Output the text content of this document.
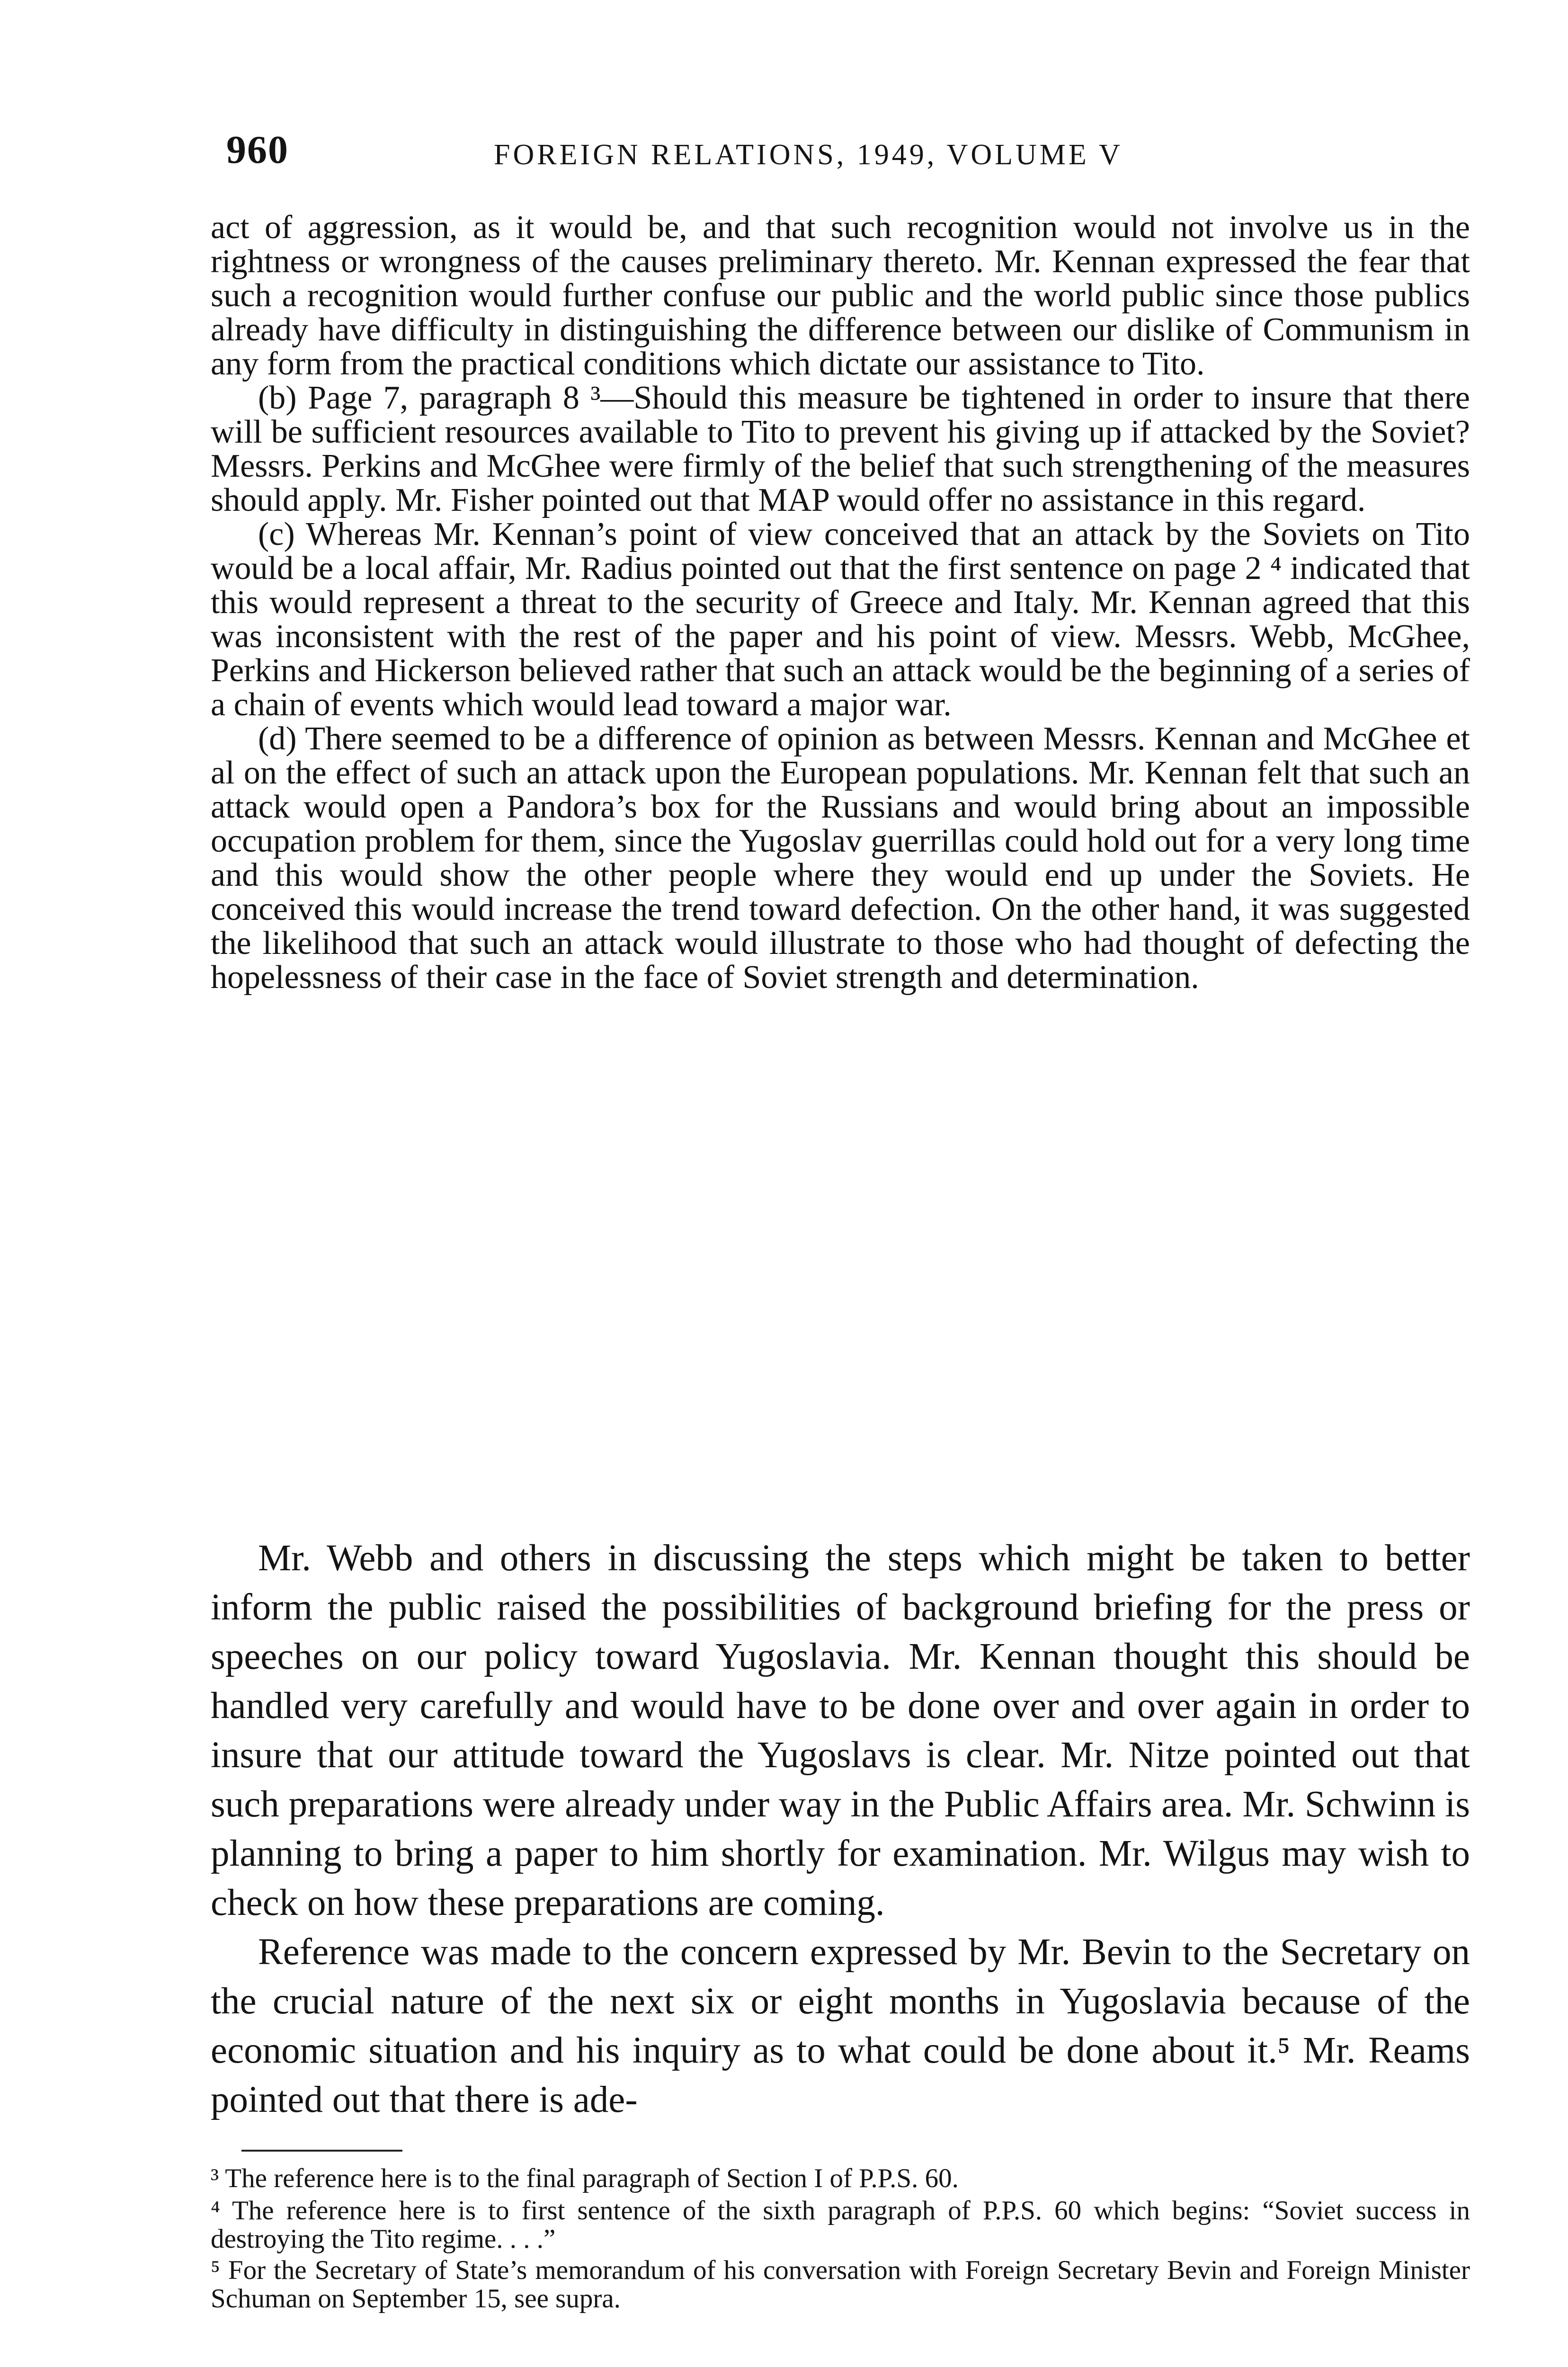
960	FOREIGN RELATIONS, 1949, VOLUME V

act of aggression, as it would be, and that such recognition would not involve us in the rightness or wrongness of the causes preliminary thereto. Mr. Kennan expressed the fear that such a recognition would further confuse our public and the world public since those publics already have difficulty in distinguishing the difference between our dislike of Communism in any form from the practical conditions which dictate our assistance to Tito.

(b) Page 7, paragraph 8 ³—Should this measure be tightened in order to insure that there will be sufficient resources available to Tito to prevent his giving up if attacked by the Soviet? Messrs. Perkins and McGhee were firmly of the belief that such strengthening of the measures should apply. Mr. Fisher pointed out that MAP would offer no assistance in this regard.

(c) Whereas Mr. Kennan’s point of view conceived that an attack by the Soviets on Tito would be a local affair, Mr. Radius pointed out that the first sentence on page 2 ⁴ indicated that this would represent a threat to the security of Greece and Italy. Mr. Kennan agreed that this was inconsistent with the rest of the paper and his point of view. Messrs. Webb, McGhee, Perkins and Hickerson believed rather that such an attack would be the beginning of a series of a chain of events which would lead toward a major war.

(d) There seemed to be a difference of opinion as between Messrs. Kennan and McGhee et al on the effect of such an attack upon the European populations. Mr. Kennan felt that such an attack would open a Pandora’s box for the Russians and would bring about an impossible occupation problem for them, since the Yugoslav guerrillas could hold out for a very long time and this would show the other people where they would end up under the Soviets. He conceived this would increase the trend toward defection. On the other hand, it was suggested the likelihood that such an attack would illustrate to those who had thought of defecting the hopelessness of their case in the face of Soviet strength and determination.

Mr. Webb and others in discussing the steps which might be taken to better inform the public raised the possibilities of background briefing for the press or speeches on our policy toward Yugoslavia. Mr. Kennan thought this should be handled very carefully and would have to be done over and over again in order to insure that our attitude toward the Yugoslavs is clear. Mr. Nitze pointed out that such preparations were already under way in the Public Affairs area. Mr. Schwinn is planning to bring a paper to him shortly for examination. Mr. Wilgus may wish to check on how these preparations are coming.

Reference was made to the concern expressed by Mr. Bevin to the Secretary on the crucial nature of the next six or eight months in Yugoslavia because of the economic situation and his inquiry as to what could be done about it.⁵ Mr. Reams pointed out that there is ade-

³ The reference here is to the final paragraph of Section I of P.P.S. 60.

⁴ The reference here is to first sentence of the sixth paragraph of P.P.S. 60 which begins: “Soviet success in destroying the Tito regime. . . .”

⁵ For the Secretary of State’s memorandum of his conversation with Foreign Secretary Bevin and Foreign Minister Schuman on September 15, see supra.
